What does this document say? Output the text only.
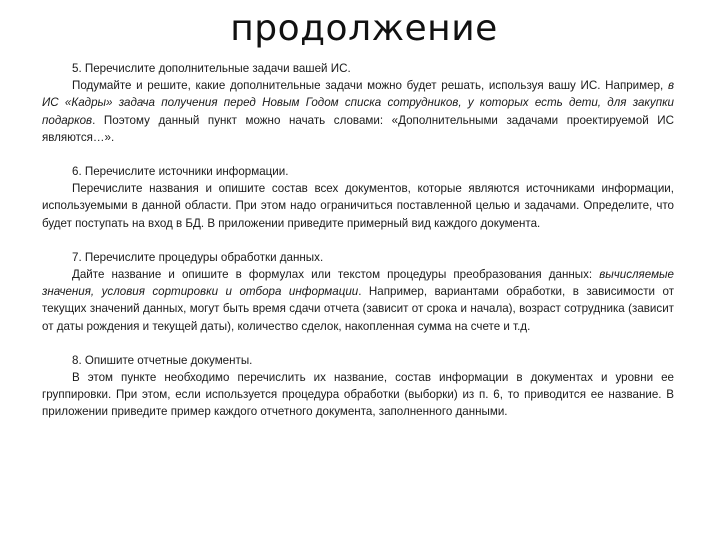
продолжение

5. Перечислите дополнительные задачи вашей ИС.

Подумайте и решите, какие дополнительные задачи можно будет решать, используя вашу ИС. Например, в ИС «Кадры» задача получения перед Новым Годом списка сотрудников, у которых есть дети, для закупки подарков. Поэтому данный пункт можно начать словами: «Дополнительными задачами проектируемой ИС являются…».

6. Перечислите источники информации.

Перечислите названия и опишите состав всех документов, которые являются источниками информации, используемыми в данной области. При этом надо ограничиться поставленной целью и задачами. Определите, что будет поступать на вход в БД. В приложении приведите примерный вид каждого документа.

7. Перечислите процедуры обработки данных.

Дайте название и опишите в формулах или текстом процедуры преобразования данных: вычисляемые значения, условия сортировки и отбора информации. Например, вариантами обработки, в зависимости от текущих значений данных, могут быть время сдачи отчета (зависит от срока и начала), возраст сотрудника (зависит от даты рождения и текущей даты), количество сделок, накопленная сумма на счете и т.д.

8. Опишите отчетные документы.

В этом пункте необходимо перечислить их название, состав информации в документах и уровни ее группировки. При этом, если используется процедура обработки (выборки) из п. 6, то приводится ее название. В приложении приведите пример каждого отчетного документа, заполненного данными.
